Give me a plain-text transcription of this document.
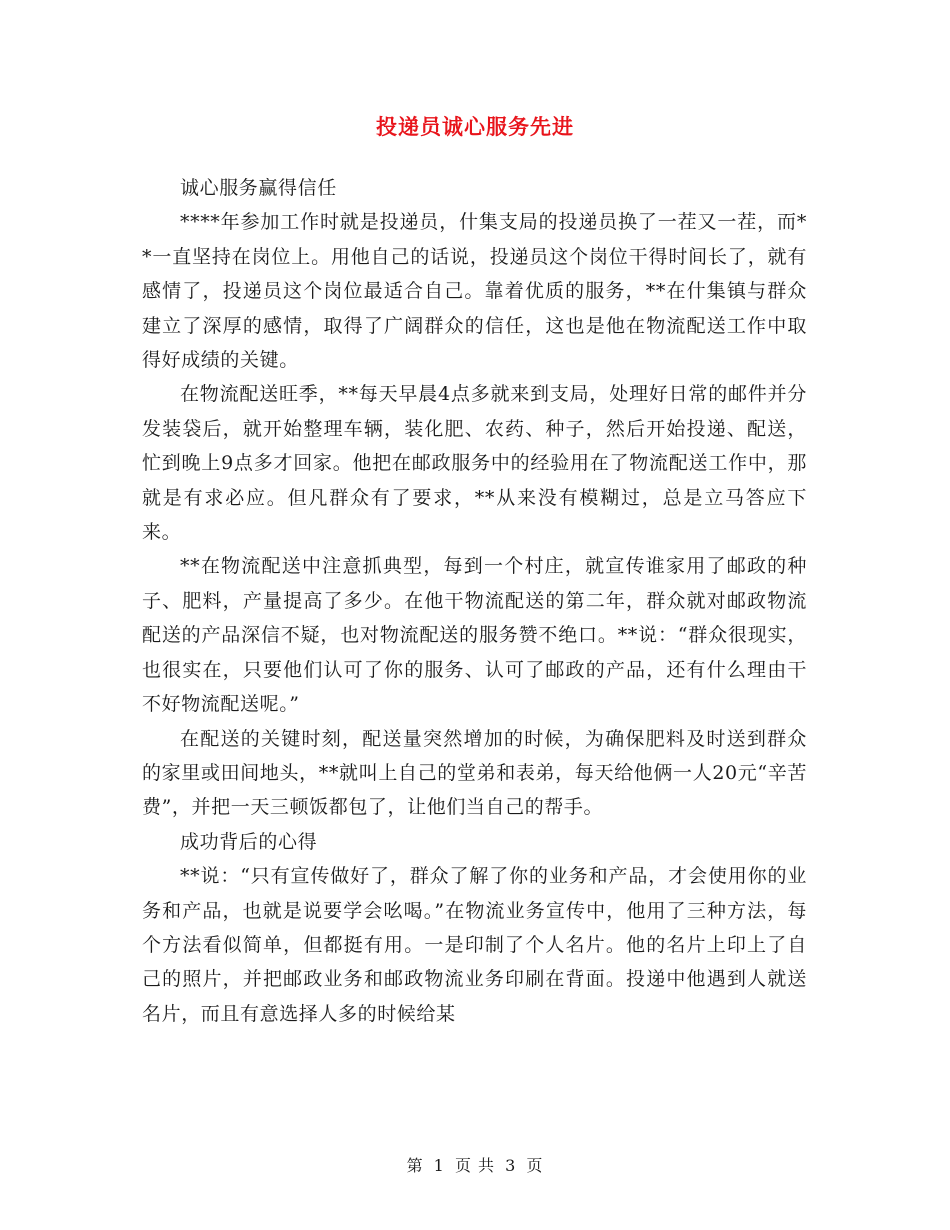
投递员诚心服务先进

诚心服务赢得信任

****年参加工作时就是投递员，什集支局的投递员换了一茬又一茬，而**一直坚持在岗位上。用他自己的话说，投递员这个岗位干得时间长了，就有感情了，投递员这个岗位最适合自己。靠着优质的服务，**在什集镇与群众建立了深厚的感情，取得了广阔群众的信任，这也是他在物流配送工作中取得好成绩的关键。

在物流配送旺季，**每天早晨4点多就来到支局，处理好日常的邮件并分发装袋后，就开始整理车辆，装化肥、农药、种子，然后开始投递、配送，忙到晚上9点多才回家。他把在邮政服务中的经验用在了物流配送工作中，那就是有求必应。但凡群众有了要求，**从来没有模糊过，总是立马答应下来。

**在物流配送中注意抓典型，每到一个村庄，就宣传谁家用了邮政的种子、肥料，产量提高了多少。在他干物流配送的第二年，群众就对邮政物流配送的产品深信不疑，也对物流配送的服务赞不绝口。**说：“群众很现实，也很实在，只要他们认可了你的服务、认可了邮政的产品，还有什么理由干不好物流配送呢。”

在配送的关键时刻，配送量突然增加的时候，为确保肥料及时送到群众的家里或田间地头，**就叫上自己的堂弟和表弟，每天给他俩一人20元“辛苦费”，并把一天三顿饭都包了，让他们当自己的帮手。

成功背后的心得

**说：“只有宣传做好了，群众了解了你的业务和产品，才会使用你的业务和产品，也就是说要学会吆喝。”在物流业务宣传中，他用了三种方法，每个方法看似简单，但都挺有用。一是印制了个人名片。他的名片上印上了自己的照片，并把邮政业务和邮政物流业务印刷在背面。投递中他遇到人就送名片，而且有意选择人多的时候给某

第 1 页 共 3 页
